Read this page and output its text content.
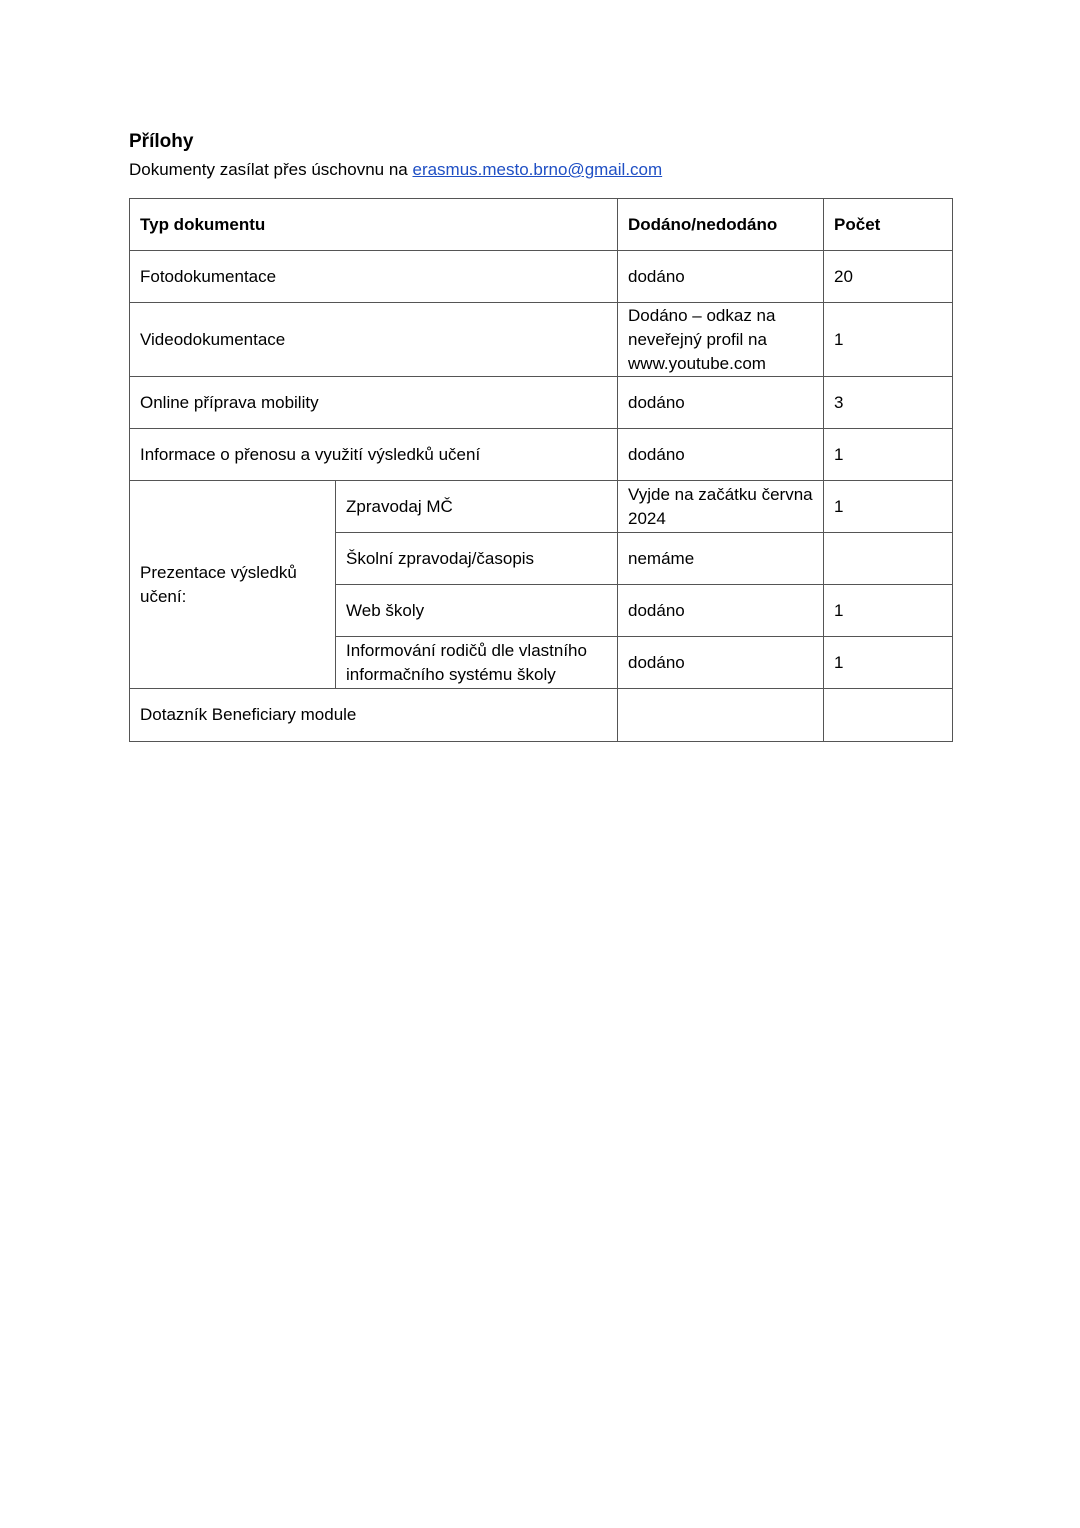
Přílohy
Dokumenty zasílat přes úschovnu na erasmus.mesto.brno@gmail.com
Typ dokumentu		Dodáno/nedodáno	Počet
Fotodokumentace		dodáno	20
Videodokumentace		Dodáno – odkaz na neveřejný profil na www.youtube.com	1
Online příprava mobility		dodáno	3
Informace o přenosu a využití výsledků učení		dodáno	1
Prezentace výsledků učení:	Zpravodaj MČ	Vyjde na začátku června 2024	1
	Školní zpravodaj/časopis	nemáme	
	Web školy	dodáno	1
	Informování rodičů dle vlastního informačního systému školy	dodáno	1
Dotazník Beneficiary module			
